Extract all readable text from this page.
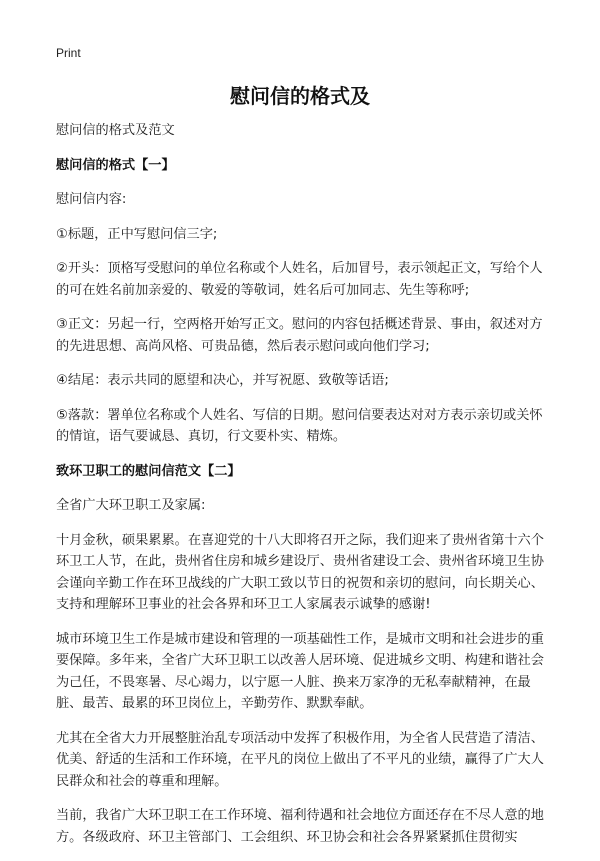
Print
慰问信的格式及

慰问信的格式及范文

慰问信的格式【一】

慰问信内容:

①标题，正中写慰问信三字;

②开头：顶格写受慰问的单位名称或个人姓名，后加冒号，表示领起正文，写给个人的可在姓名前加亲爱的、敬爱的等敬词，姓名后可加同志、先生等称呼;

③正文：另起一行，空两格开始写正文。慰问的内容包括概述背景、事由，叙述对方的先进思想、高尚风格、可贵品德，然后表示慰问或向他们学习;

④结尾：表示共同的愿望和决心，并写祝愿、致敬等话语;

⑤落款：署单位名称或个人姓名、写信的日期。慰问信要表达对对方表示亲切或关怀的情谊，语气要诚恳、真切，行文要朴实、精炼。

致环卫职工的慰问信范文【二】

全省广大环卫职工及家属:

十月金秋，硕果累累。在喜迎党的十八大即将召开之际，我们迎来了贵州省第十六个环卫工人节，在此，贵州省住房和城乡建设厅、贵州省建设工会、贵州省环境卫生协会谨向辛勤工作在环卫战线的广大职工致以节日的祝贺和亲切的慰问，向长期关心、支持和理解环卫事业的社会各界和环卫工人家属表示诚挚的感谢!

城市环境卫生工作是城市建设和管理的一项基础性工作，是城市文明和社会进步的重要保障。多年来，全省广大环卫职工以改善人居环境、促进城乡文明、构建和谐社会为己任，不畏寒暑、尽心竭力，以宁愿一人脏、换来万家净的无私奉献精神，在最脏、最苦、最累的环卫岗位上，辛勤劳作、默默奉献。

尤其在全省大力开展整脏治乱专项活动中发挥了积极作用，为全省人民营造了清洁、优美、舒适的生活和工作环境，在平凡的岗位上做出了不平凡的业绩，赢得了广大人民群众和社会的尊重和理解。

当前，我省广大环卫职工在工作环境、福利待遇和社会地位方面还存在不尽人意的地方。各级政府、环卫主管部门、工会组织、环卫协会和社会各界紧紧抓住贯彻实
